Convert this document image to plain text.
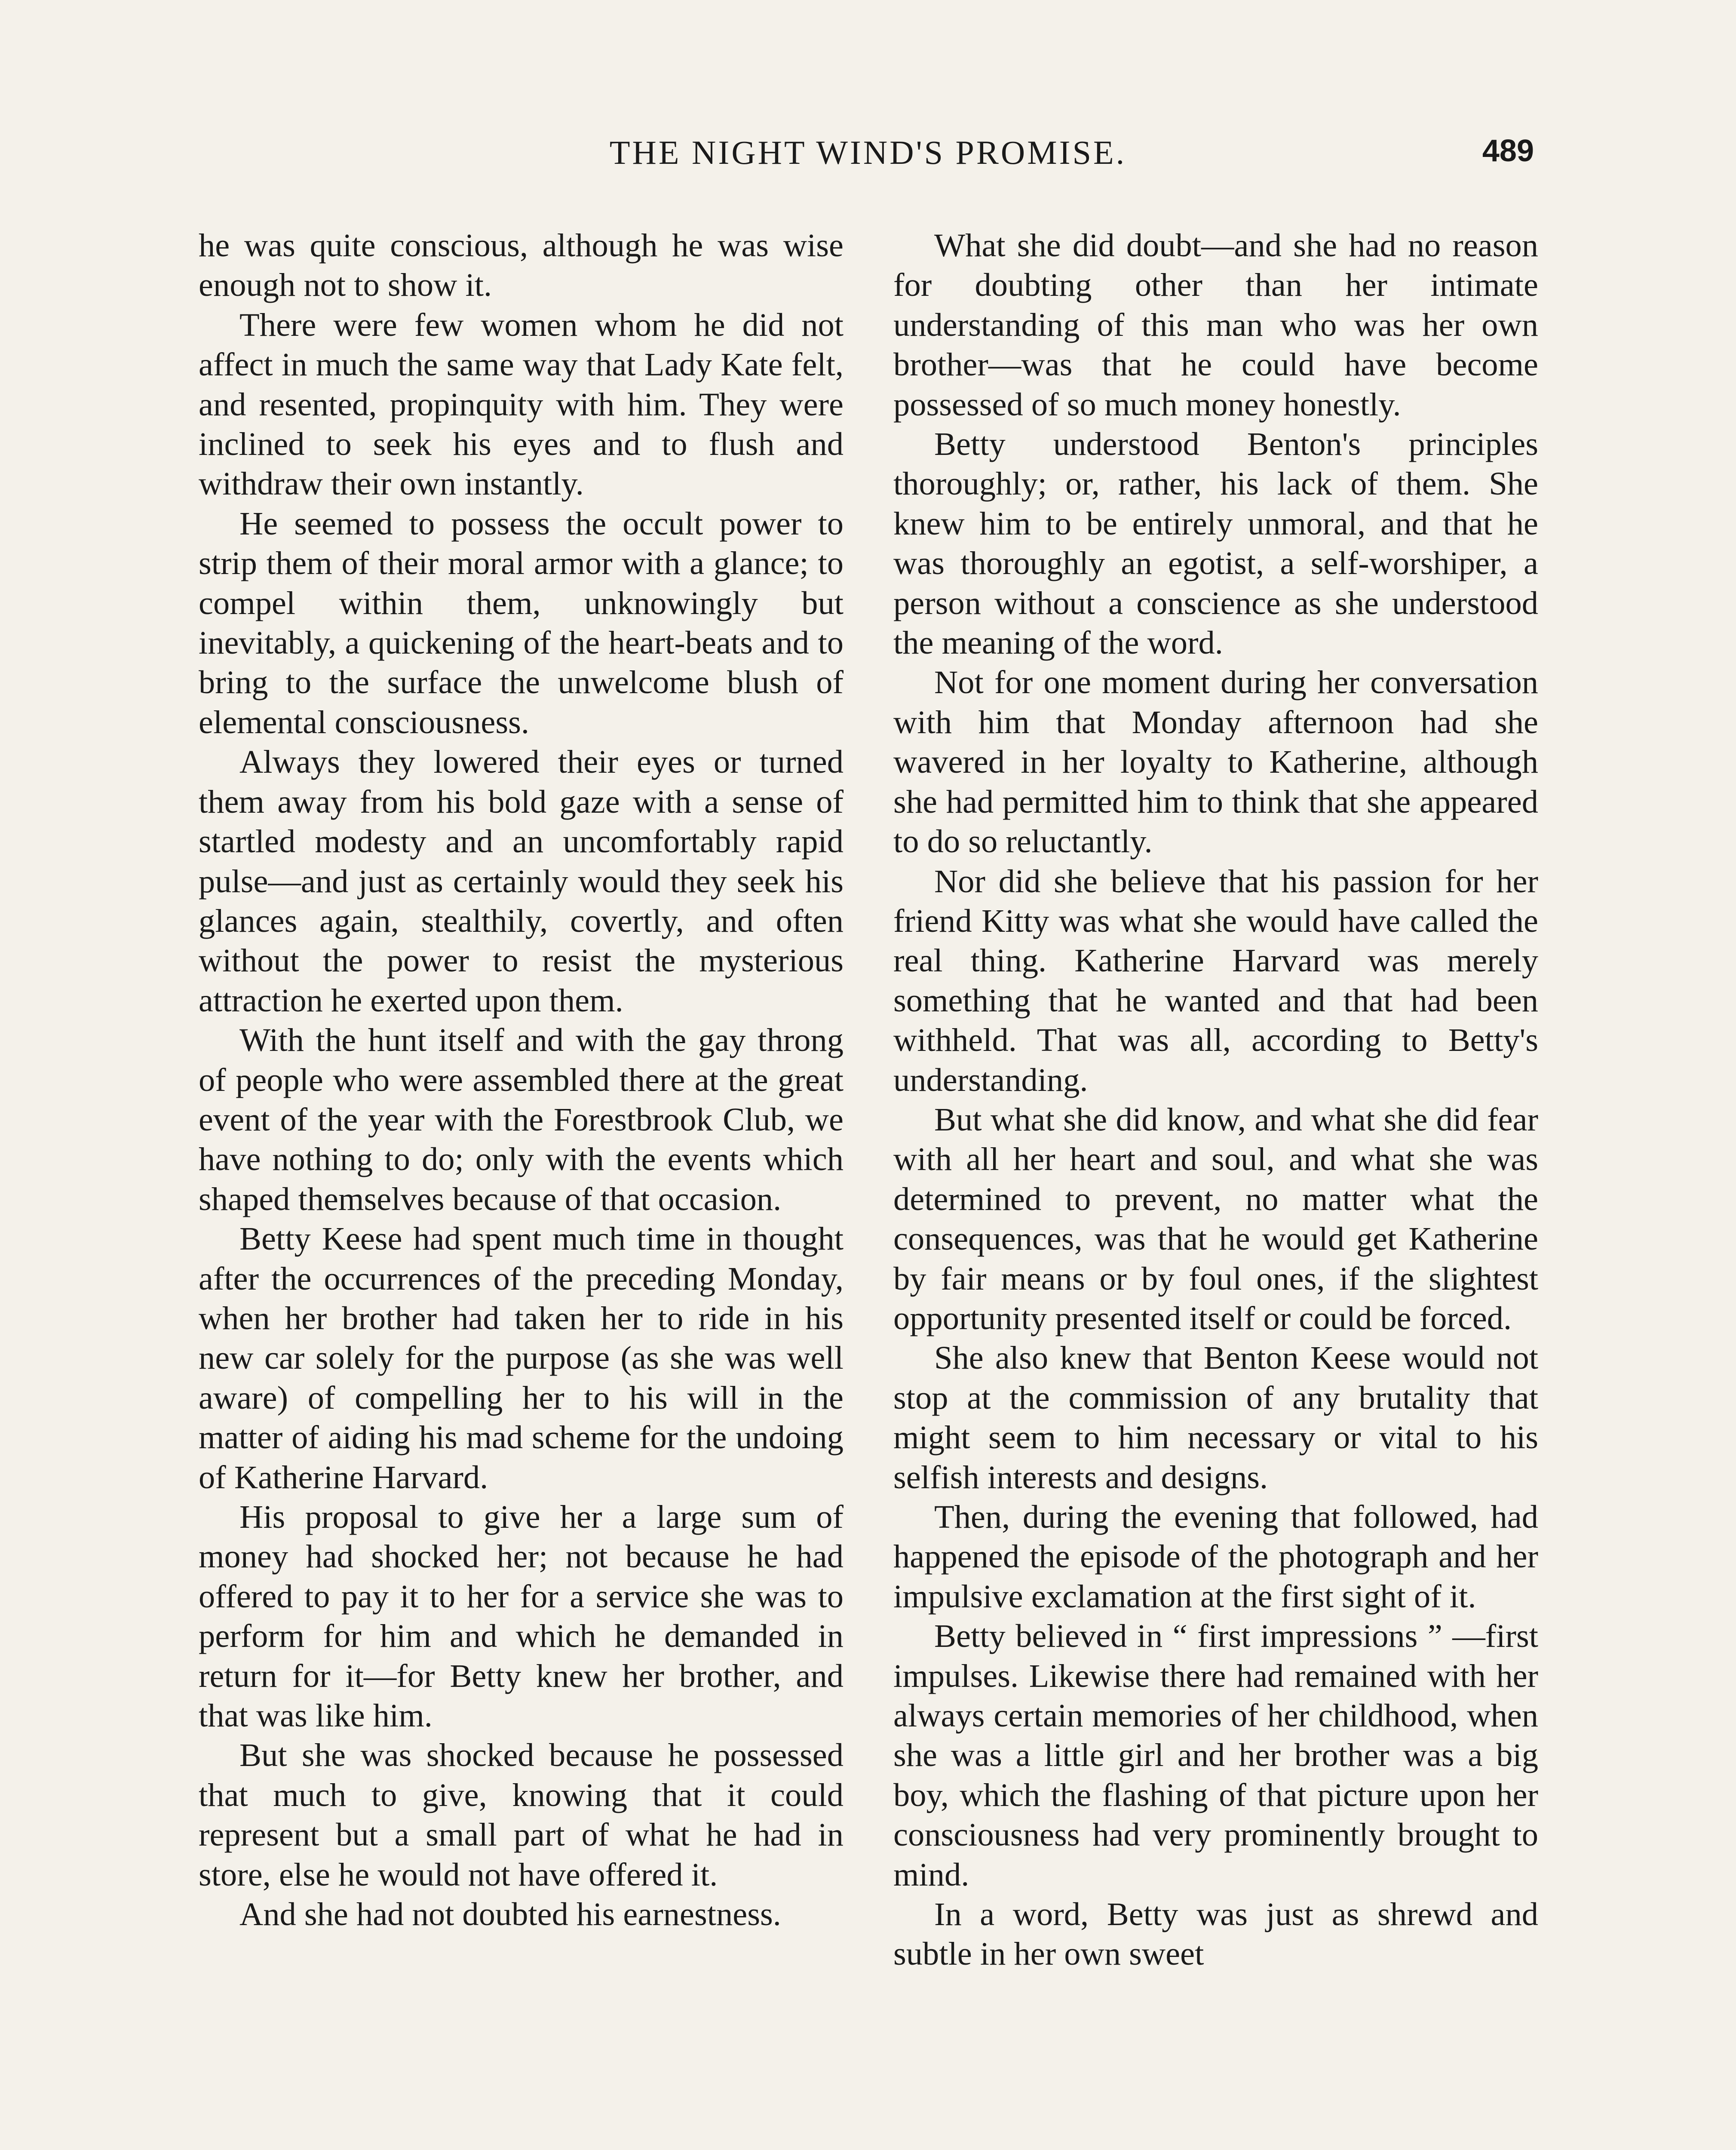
THE NIGHT WIND'S PROMISE.	489

he was quite conscious, although he was wise enough not to show it.

There were few women whom he did not affect in much the same way that Lady Kate felt, and resented, propinquity with him. They were inclined to seek his eyes and to flush and withdraw their own instantly.

He seemed to possess the occult power to strip them of their moral armor with a glance; to compel within them, unknowingly but inevitably, a quickening of the heart-beats and to bring to the surface the unwelcome blush of elemental consciousness.

Always they lowered their eyes or turned them away from his bold gaze with a sense of startled modesty and an uncomfortably rapid pulse—and just as certainly would they seek his glances again, stealthily, covertly, and often without the power to resist the mysterious attraction he exerted upon them.

With the hunt itself and with the gay throng of people who were assembled there at the great event of the year with the Forestbrook Club, we have nothing to do; only with the events which shaped themselves because of that occasion.

Betty Keese had spent much time in thought after the occurrences of the preceding Monday, when her brother had taken her to ride in his new car solely for the purpose (as she was well aware) of compelling her to his will in the matter of aiding his mad scheme for the undoing of Katherine Harvard.

His proposal to give her a large sum of money had shocked her; not because he had offered to pay it to her for a service she was to perform for him and which he demanded in return for it—for Betty knew her brother, and that was like him.

But she was shocked because he possessed that much to give, knowing that it could represent but a small part of what he had in store, else he would not have offered it.

And she had not doubted his earnestness.

What she did doubt—and she had no reason for doubting other than her intimate understanding of this man who was her own brother—was that he could have become possessed of so much money honestly.

Betty understood Benton's principles thoroughly; or, rather, his lack of them. She knew him to be entirely unmoral, and that he was thoroughly an egotist, a self-worshiper, a person without a conscience as she understood the meaning of the word.

Not for one moment during her conversation with him that Monday afternoon had she wavered in her loyalty to Katherine, although she had permitted him to think that she appeared to do so reluctantly.

Nor did she believe that his passion for her friend Kitty was what she would have called the real thing. Katherine Harvard was merely something that he wanted and that had been withheld. That was all, according to Betty's understanding.

But what she did know, and what she did fear with all her heart and soul, and what she was determined to prevent, no matter what the consequences, was that he would get Katherine by fair means or by foul ones, if the slightest opportunity presented itself or could be forced.

She also knew that Benton Keese would not stop at the commission of any brutality that might seem to him necessary or vital to his selfish interests and designs.

Then, during the evening that followed, had happened the episode of the photograph and her impulsive exclamation at the first sight of it.

Betty believed in “ first impressions ” —first impulses. Likewise there had remained with her always certain memories of her childhood, when she was a little girl and her brother was a big boy, which the flashing of that picture upon her consciousness had very prominently brought to mind.

In a word, Betty was just as shrewd and subtle in her own sweet
